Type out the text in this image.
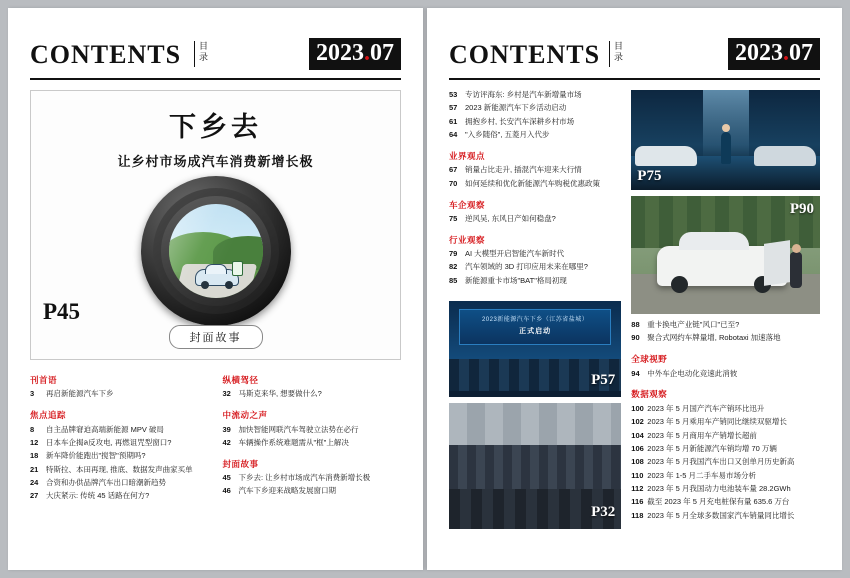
CONTENTS	目录	2023.07
下乡去
让乡村市场成汽车消费新增长极
P45
封面故事
刊首语
3	再启新能源汽车下乡
焦点追踪
8	自主品牌窘迫高端新能源 MPV 破局
12	日本车企揭ล反攻电, 再燃诅咒型窗口?
18	新车降价能跑出"搅智"预期吗?
21	特斯拉、本田再现, 推底、数据发声曲家买单
24	合资和办供品牌汽车出口暗潮新趋势
27	大庆紧示: 传统 45 话路在何方?
纵横驾径
32	马斯克来华, 想要做什么?
中流动之声
39	加快智能网联汽车驾驶立法势在必行
42	车辆操作系统难题需从"框"上解决
封面故事
45	下乡去: 让乡村市场成汽车消费新增长极
46	汽车下乡迎来战略发展窗口期
CONTENTS	目录	2023.07
53	专访评海东: 乡村是汽车新增量市场
57	2023 新能源汽车下乡活动启动
61	拥抱乡村, 长安汽车深耕乡村市场
64	"入乡随俗", 五菱月入代步
业界观点
67	销量占比走升, 插混汽车迎来大行情
70	如何延续和优化新能源汽车购税优惠政策
车企观察
75	逆风吴, 东风日产如何稳盘?
行业观察
79	AI 大模型开启智能汽车新时代
82	汽车领域的 3D 打印应用未来在哪里?
85	新能源重卡市场"BAT"格局初现
2023新能源汽车下乡（江苏省盐城）
正式启动
P57
P32
P75
P90
88	重卡换电产业链"风口"已至?
90	聚合式网约车牌量增, Robotaxi 加速落地
全球视野
94	中外车企电动化竞速此消彼
数据观察
100 2023 年 5 月国产汽车产销环比迅升
102 2023 年 5 月乘用车产销同比继续双驱增长
104 2023 年 5 月商用车产销增长超前
106 2023 年 5 月新能源汽车销均增 70 万辆
108 2023 年 5 月我国汽车出口又创单月历史新高
110 2023 年 1-5 月二手车易市场分析
112 2023 年 5 月我国动力电池装车量 28.2GWh
116 截至 2023 年 5 月充电桩保有量 635.6 万台
118 2023 年 5 月全球多数国家汽车销量同比增长
